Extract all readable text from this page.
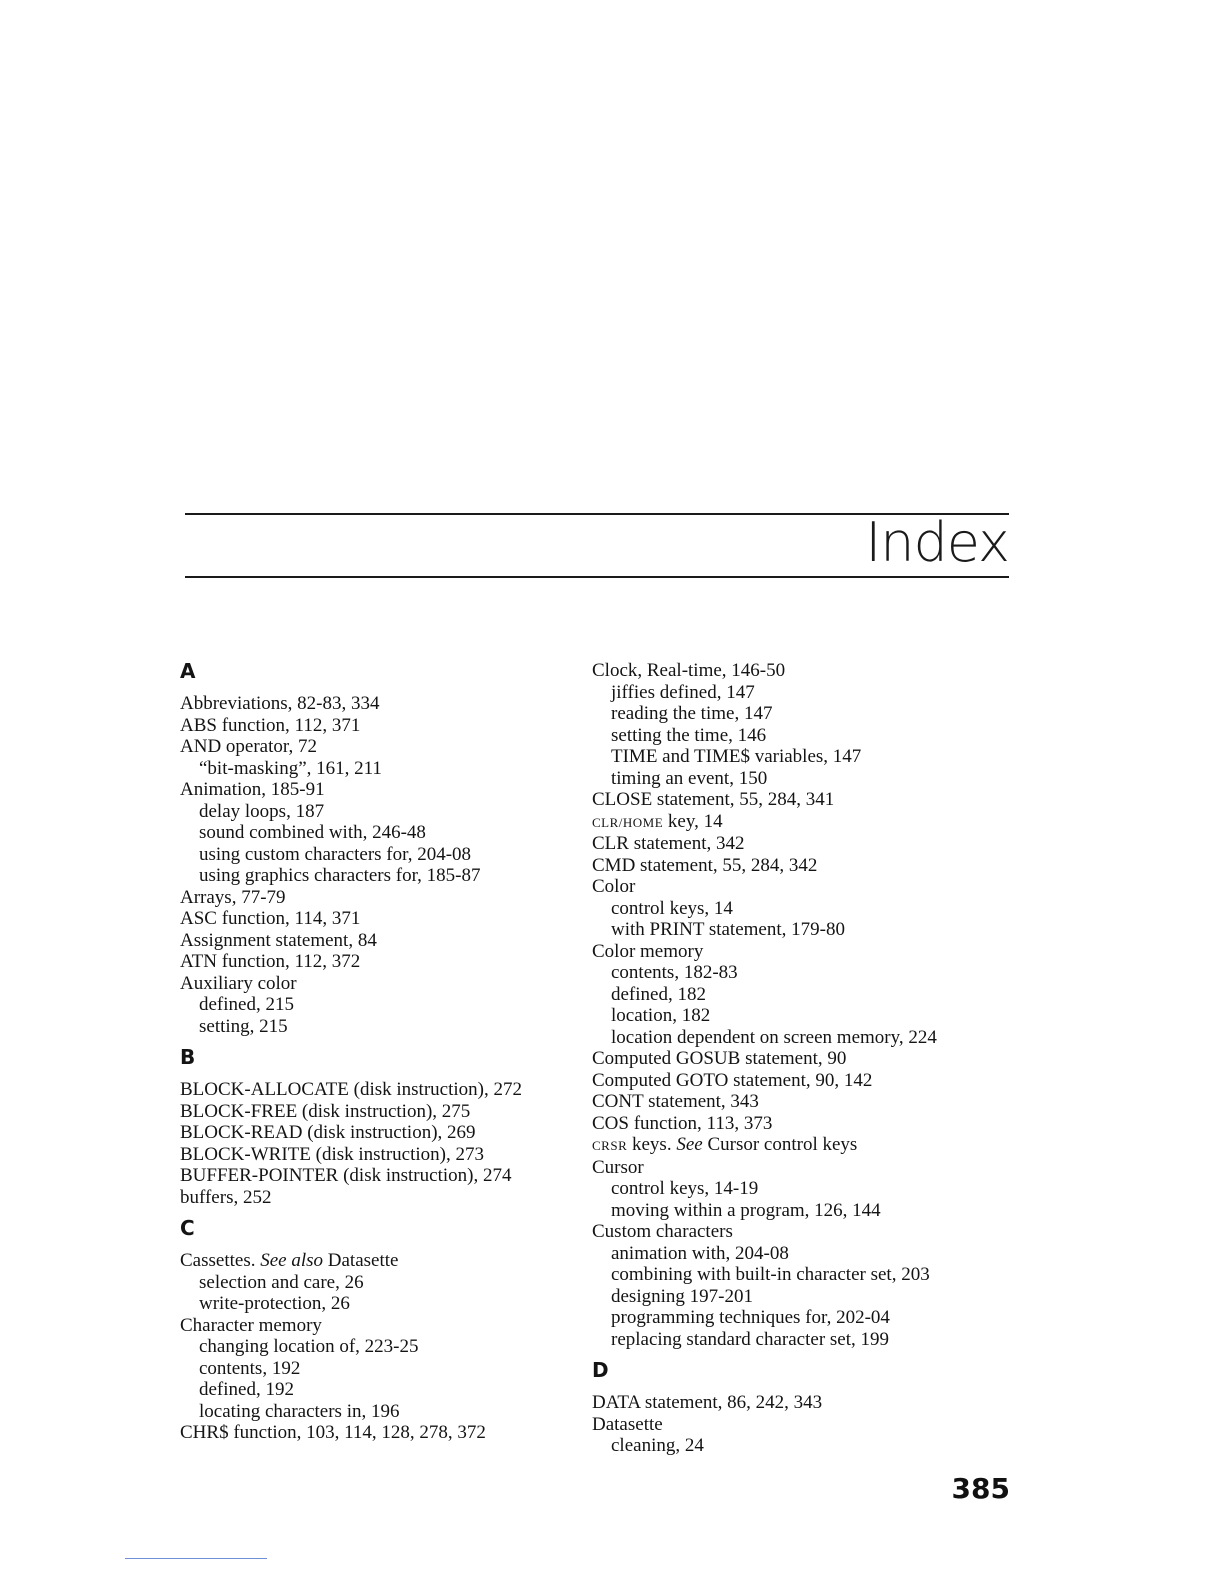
Index
A
Abbreviations, 82-83, 334
ABS function, 112, 371
AND operator, 72
“bit-masking”, 161, 211
Animation, 185-91
delay loops, 187
sound combined with, 246-48
using custom characters for, 204-08
using graphics characters for, 185-87
Arrays, 77-79
ASC function, 114, 371
Assignment statement, 84
ATN function, 112, 372
Auxiliary color
defined, 215
setting, 215
B
BLOCK-ALLOCATE (disk instruction), 272
BLOCK-FREE (disk instruction), 275
BLOCK-READ (disk instruction), 269
BLOCK-WRITE (disk instruction), 273
BUFFER-POINTER (disk instruction), 274
buffers, 252
C
Cassettes. See also Datasette
selection and care, 26
write-protection, 26
Character memory
changing location of, 223-25
contents, 192
defined, 192
locating characters in, 196
CHR$ function, 103, 114, 128, 278, 372
Clock, Real-time, 146-50
jiffies defined, 147
reading the time, 147
setting the time, 146
TIME and TIME$ variables, 147
timing an event, 150
CLOSE statement, 55, 284, 341
CLR/HOME key, 14
CLR statement, 342
CMD statement, 55, 284, 342
Color
control keys, 14
with PRINT statement, 179-80
Color memory
contents, 182-83
defined, 182
location, 182
location dependent on screen memory, 224
Computed GOSUB statement, 90
Computed GOTO statement, 90, 142
CONT statement, 343
COS function, 113, 373
CRSR keys. See Cursor control keys
Cursor
control keys, 14-19
moving within a program, 126, 144
Custom characters
animation with, 204-08
combining with built-in character set, 203
designing 197-201
programming techniques for, 202-04
replacing standard character set, 199
D
DATA statement, 86, 242, 343
Datasette
cleaning, 24
385
